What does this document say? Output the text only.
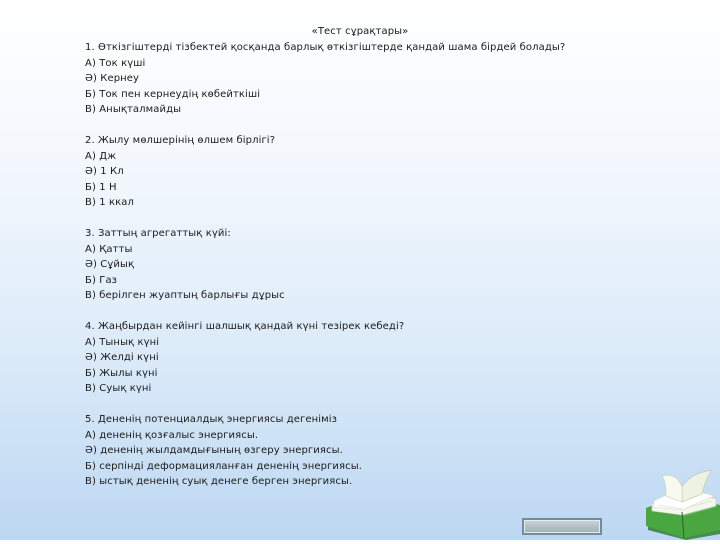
«Тест сұрақтары»
1. Өткізгіштерді тізбектей қосқанда барлық өткізгіштерде қандай шама бірдей болады?
А) Ток күші
Ә) Кернеу
Б) Ток пен кернеудің көбейткіші
В) Анықталмайды
2. Жылу мөлшерінің өлшем бірлігі?
А) Дж
Ә) 1 Кл
Б) 1 Н
В) 1 ккал
3. Заттың агрегаттық күйі:
А) Қатты
Ә) Сұйық
Б) Газ
В) берілген жуаптың барлығы дұрыс
4. Жаңбырдан кейінгі шалшық қандай күні тезірек кебеді?
А) Тынық күні
Ә) Желді күні
Б) Жылы күні
В) Суық күні
5. Дененің потенциалдық энергиясы дегеніміз
А) дененің қозғалыс энергиясы.
Ә) дененің жылдамдығының өзгеру энергиясы.
Б) серпінді деформацияланған дененің энергиясы.
В) ыстық дененің суық денеге берген энергиясы.
